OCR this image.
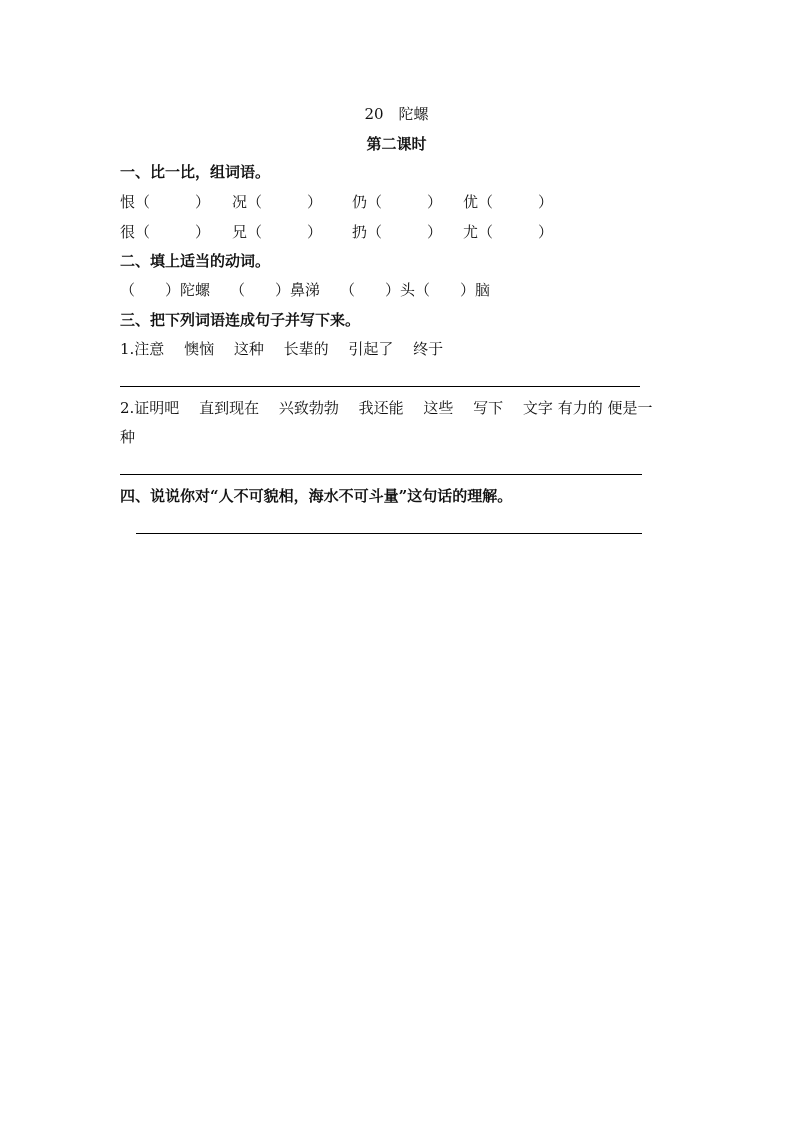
20　陀螺
第二课时
一、比一比，组词语。
恨（　　　） 况（　　　） 仍（　　　） 优（　　　）
很（　　　） 兄（　　　） 扔（　　　） 尤（　　　）
二、填上适当的动词。
（　　）陀螺 （　　）鼻涕 （　　）头（　　）脑
三、把下列词语连成句子并写下来。
1.注意　 懊恼　 这种　 长辈的　 引起了　 终于
2.证明吧　 直到现在　 兴致勃勃　 我还能　 这些　 写下　 文字 有力的 便是一
种
四、说说你对“人不可貌相，海水不可斗量”这句话的理解。
